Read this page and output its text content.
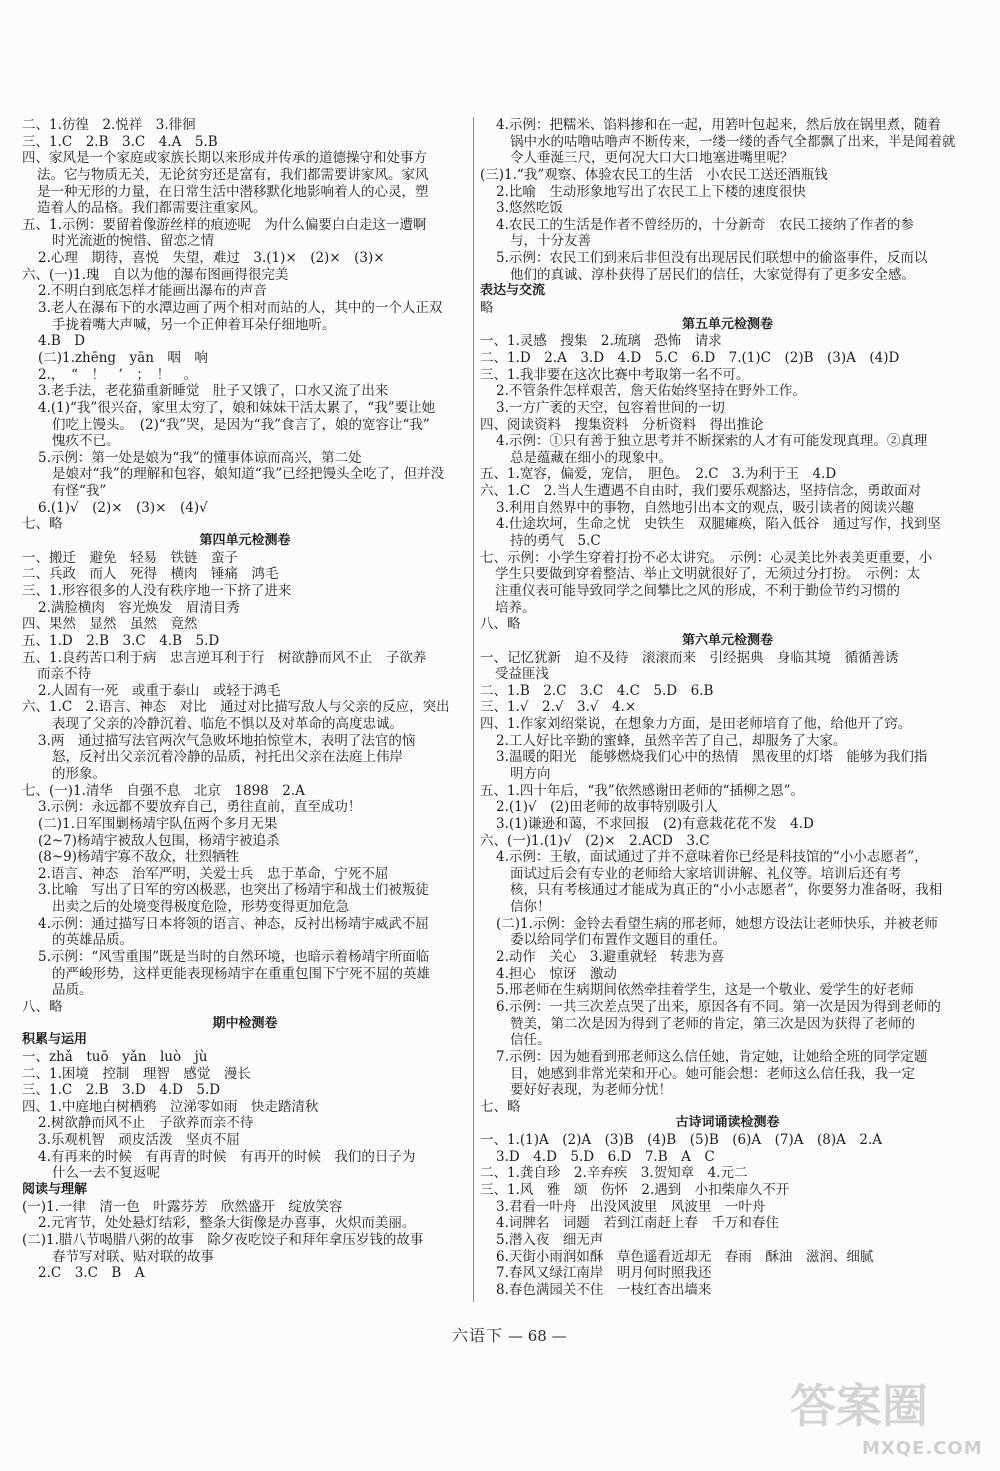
二、1.彷徨　2.悦祥　3.徘徊
三、1.C　2.B　3.C　4.A　5.B
四、家风是一个家庭或家族长期以来形成并传承的道德操守和处事方
法。它与物质无关，无论贫穷还是富有，我们都需要讲家风。家风
是一种无形的力量，在日常生活中潜移默化地影响着人的心灵，塑
造着人的品格。我们都需要注重家风。
五、1.示例：要留着像游丝样的痕迹呢　为什么偏要白白走这一遭啊
时光流逝的惋惜、留恋之情
2.心理　期待，喜悦　失望，难过　3.(1)×　(2)×　(3)×
六、(一)1.瑰　自以为他的瀑布图画得很完美
2.不明白到底怎样才能画出瀑布的声音
3.老人在瀑布下的水潭边画了两个相对而站的人，其中的一个人正双
手拢着嘴大声喊，另一个正伸着耳朵仔细地听。
4.B　D
(二)1.zhēng　yān　咽　响
2.，　“　！　’　；　！　。
3.老手法，老花猫重新睡觉　肚子又饿了，口水又流了出来
4.(1)“我”很兴奋，家里太穷了，娘和妹妹干活太累了，“我”要让她
们吃上馒头。　(2)“我”哭，是因为“我”食言了，娘的宽容让“我”
愧疚不已。
5.示例：第一处是娘为“我”的懂事体谅而高兴，第二处
是娘对“我”的理解和包容，娘知道“我”已经把馒头全吃了，但并没
有怪“我”
6.(1)√　(2)×　(3)×　(4)√
七、略
第四单元检测卷
一、搬迁　避免　轻易　铁链　蛮子
二、兵政　而人　死得　横肉　锤痛　鸿毛
三、1.形容很多的人没有秩序地一下挤了进来
2.满脸横肉　容光焕发　眉清目秀
四、果然　显然　虽然　竟然
五、1.D　2.B　3.C　4.B　5.D
五、1.良药苦口利于病　忠言逆耳利于行　树欲静而风不止　子欲养
而亲不待
2.人固有一死　或重于泰山　或轻于鸿毛
六、1.C　2.语言、神态　对比　通过对比描写敌人与父亲的反应，突出
表现了父亲的冷静沉着、临危不惧以及对革命的高度忠诚。
3.两　通过描写法官两次气急败坏地拍惊堂木，表明了法官的恼
怒，反衬出父亲沉着冷静的品质，衬托出父亲在法庭上伟岸
的形象。
七、(一)1.清华　自强不息　北京　1898　2.A
3.示例：永远都不要放弃自己，勇往直前，直至成功！
(二)1.日军围剿杨靖宇队伍两个多月无果
(2~7)杨靖宇被敌人包围，杨靖宇被追杀
(8~9)杨靖宇寡不敌众，壮烈牺牲
2.语言、神态　治军严明，关爱士兵　忠于革命，宁死不屈
3.比喻　写出了日军的穷凶极恶，也突出了杨靖宇和战士们被叛徒
出卖之后的处境变得极度危险，形势变得更加危急
4.示例：通过描写日本将领的语言、神态，反衬出杨靖宇威武不屈
的英雄品质。
5.示例：“风雪重围”既是当时的自然环境，也暗示着杨靖宇所面临
的严峻形势，这样更能表现杨靖宇在重重包围下宁死不屈的英雄
品质。
八、略
期中检测卷
积累与运用
一、zhǎ　tuō　yǎn　luò　jù
二、1.困境　控制　理智　感觉　漫长
三、1.C　2.B　3.D　4.D　5.D
四、1.中庭地白树栖鸦　泣涕零如雨　快走踏清秋
2.树欲静而风不止　子欲养而亲不待
3.乐观机智　顽皮活泼　坚贞不屈
4.有再来的时候　有再青的时候　有再开的时候　我们的日子为
什么一去不复返呢
阅读与理解
(一)1.一律　清一色　叶露芬芳　欣然盛开　绽放笑容
2.元宵节，处处悬灯结彩，整条大街像是办喜事，火炽而美丽。
(二)1.腊八节喝腊八粥的故事　除夕夜吃饺子和拜年拿压岁钱的故事
春节写对联、贴对联的故事
2.C　3.C　B　A
4.示例：把糯米、馅料掺和在一起，用箬叶包起来，然后放在锅里煮，随着
锅中水的咕噜咕噜声不断传来，一缕一缕的香气全都飘了出来，半是闻着就
令人垂涎三尺，更何况大口大口地塞进嘴里呢？
(三)1.“我”观察、体验农民工的生活　小农民工送还酒瓶钱
2.比喻　生动形象地写出了农民工上下楼的速度很快
3.悠然吃饭
4.农民工的生活是作者不曾经历的，十分新奇　农民工接纳了作者的参
与，十分友善
5.示例：农民工们到来后非但没有出现居民们联想中的偷盗事件，反而以
他们的真诚、淳朴获得了居民们的信任，大家觉得有了更多安全感。
表达与交流
略
第五单元检测卷
一、1.灵感　搜集　2.琉璃　恐怖　请求
二、1.D　2.A　3.D　4.D　5.C　6.D　7.(1)C　(2)B　(3)A　(4)D
三、1.我非要在这次比赛中考取第一名不可。
2.不管条件怎样艰苦，詹天佑始终坚持在野外工作。
3.一方广袤的天空，包容着世间的一切
四、阅读资料　搜集资料　分析资料　得出推论
4.示例：①只有善于独立思考并不断探索的人才有可能发现真理。②真理
总是蕴藏在细小的现象中。
五、1.宽容，偏爱，宠信，　胆色。　2.C　3.为利于王　4.D
六、1.C　2.当人生遭遇不自由时，我们要乐观豁达，坚持信念，勇敢面对
3.利用自然界中的事物，自然地引出本文的观点，吸引读者的阅读兴趣
4.仕途坎坷，生命之忧　史铁生　双腿瘫痪，陷入低谷　通过写作，找到坚
持的勇气　5.C
七、示例：小学生穿着打扮不必太讲究。　示例：心灵美比外表美更重要，小
学生只要做到穿着整洁、举止文明就很好了，无须过分打扮。　示例：太
注重仪表可能导致同学之间攀比之风的形成，不利于勤俭节约习惯的
培养。
八、略
第六单元检测卷
一、记忆犹新　迫不及待　滚滚而来　引经据典　身临其境　循循善诱
受益匪浅
二、1.B　2.C　3.C　4.C　5.D　6.B
三、1.√　2.√　3.√　4.×
四、1.作家刘绍棠说，在想象力方面，是田老师培育了他，给他开了窍。
2.工人好比辛勤的蜜蜂，虽然辛苦了自己，却服务了大家。
3.温暖的阳光　能够燃烧我们心中的热情　黑夜里的灯塔　能够为我们指
明方向
五、1.四十年后，“我”依然感谢田老师的“插柳之恩”。
2.(1)√　(2)田老师的故事特别吸引人
3.(1)谦逊和蔼，不求回报　(2)有意栽花花不发　4.D
六、(一)1.(1)√　(2)×　2.ACD　3.C
4.示例：王敏，面试通过了并不意味着你已经是科技馆的“小小志愿者”，
面试过后会有专业的老师给大家培训讲解、礼仪等。培训后还有考
核，只有考核通过才能成为真正的“小小志愿者”，你要努力准备呀，我相
信你！
(二)1.示例：金铃去看望生病的邢老师，她想方设法让老师快乐，并被老师
委以给同学们布置作文题目的重任。
2.动作　关心　3.避重就轻　转悲为喜
4.担心　惊讶　激动
5.邢老师在生病期间依然牵挂着学生，这是一个敬业、爱学生的好老师
6.示例：一共三次差点哭了出来，原因各有不同。第一次是因为得到老师的
赞美，第二次是因为得到了老师的肯定，第三次是因为获得了老师的
信任。
7.示例：因为她看到邢老师这么信任她，肯定她，让她给全班的同学定题
目，她感到非常光荣和开心。她可能会想：老师这么信任我，我一定
要好好表现，为老师分忧！
七、略
古诗词诵读检测卷
一、1.(1)A　(2)A　(3)B　(4)B　(5)B　(6)A　(7)A　(8)A　2.A
3.D　4.D　5.D　6.D　7.B　A　C
二、1.龚自珍　2.辛弃疾　3.贺知章　4.元二
三、1.风　雅　颂　伤怀　2.遇到　小扣柴扉久不开
3.君看一叶舟　出没风波里　风波里　一叶舟
4.词牌名　词题　若到江南赶上春　千万和春住
5.潜入夜　细无声
6.天街小雨润如酥　草色遥看近却无　春雨　酥油　滋润、细腻
7.春风又绿江南岸　明月何时照我还
8.春色满园关不住　一枝红杏出墙来
六语下 — 68 —
答案圈
MXQE.COM
